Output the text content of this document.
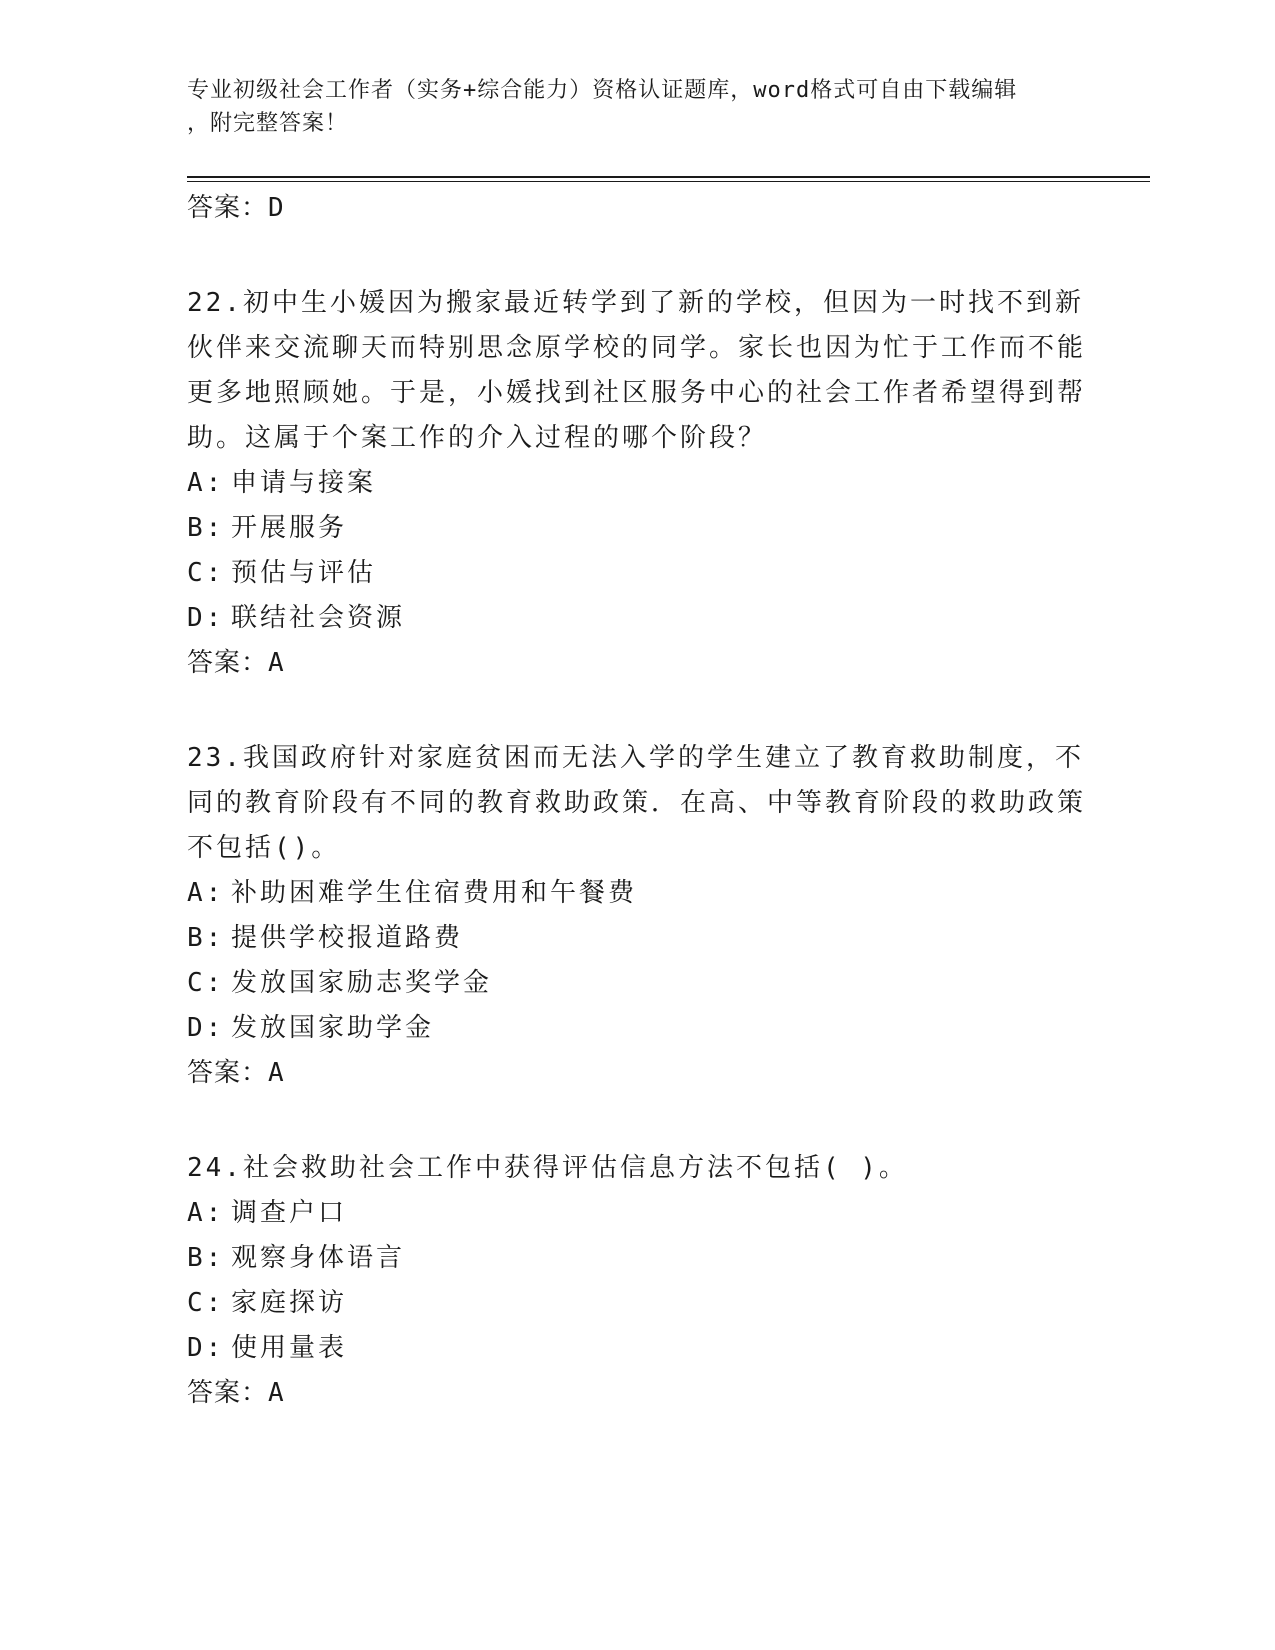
专业初级社会工作者（实务+综合能力）资格认证题库，word格式可自由下载编辑
，附完整答案！
答案：D

22.初中生小媛因为搬家最近转学到了新的学校，但因为一时找不到新伙伴来交流聊天而特别思念原学校的同学。家长也因为忙于工作而不能更多地照顾她。于是，小媛找到社区服务中心的社会工作者希望得到帮助。这属于个案工作的介入过程的哪个阶段？

A: 申请与接案
B: 开展服务
C: 预估与评估
D: 联结社会资源
答案：A

23.我国政府针对家庭贫困而无法入学的学生建立了教育救助制度，不同的教育阶段有不同的教育救助政策．在高、中等教育阶段的救助政策不包括()。

A: 补助困难学生住宿费用和午餐费
B: 提供学校报道路费
C: 发放国家励志奖学金
D: 发放国家助学金
答案：A

24.社会救助社会工作中获得评估信息方法不包括( )。

A: 调查户口
B: 观察身体语言
C: 家庭探访
D: 使用量表
答案：A
